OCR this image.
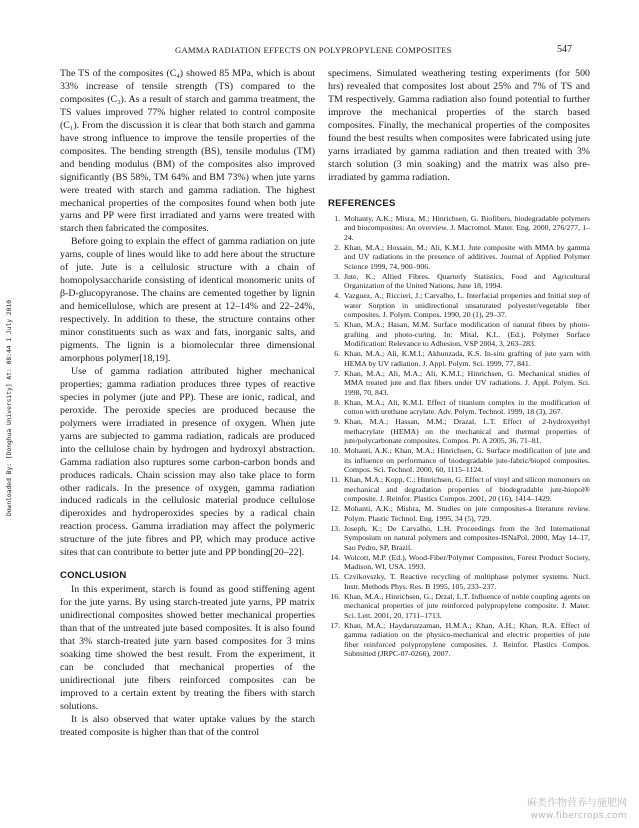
GAMMA RADIATION EFFECTS ON POLYPROPYLENE COMPOSITES	547
Downloaded By: [Donghua University] At: 08:44 1 July 2010

The TS of the composites (C₄) showed 85 MPa, which is about 33% increase of tensile strength (TS) compared to the composites (C₃). As a result of starch and gamma treatment, the TS values improved 77% higher related to control composite (C₁). From the discussion it is clear that both starch and gamma have strong influence to improve the tensile properties of the composites. The bending strength (BS), tensile modulus (TM) and bending modulus (BM) of the composites also improved significantly (BS 58%, TM 64% and BM 73%) when jute yarns were treated with starch and gamma radiation. The highest mechanical properties of the composites found when both jute yarns and PP were first irradiated and yarns were treated with starch then fabricated the composites.

Before going to explain the effect of gamma radiation on jute yarns, couple of lines would like to add here about the structure of jute. Jute is a cellulosic structure with a chain of homopolysaccharide consisting of identical monomeric units of β-D-glucopyranose. The chains are cemented together by lignin and hemicellulose, which are present at 12–14% and 22–24%, respectively. In addition to these, the structure contains other minor constituents such as wax and fats, inorganic salts, and pigments. The lignin is a biomolecular three dimensional amorphous polymer[18,19].

Use of gamma radiation attributed higher mechanical properties; gamma radiation produces three types of reactive species in polymer (jute and PP). These are ionic, radical, and peroxide. The peroxide species are produced because the polymers were irradiated in presence of oxygen. When jute yarns are subjected to gamma radiation, radicals are produced into the cellulose chain by hydrogen and hydroxyl abstraction. Gamma radiation also ruptures some carbon-carbon bonds and produces radicals. Chain scission may also take place to form other radicals. In the presence of oxygen, gamma radiation induced radicals in the cellulosic material produce cellulose diperoxides and hydroperoxides species by a radical chain reaction process. Gamma irradiation may affect the polymeric structure of the jute fibres and PP, which may produce active sites that can contribute to better jute and PP bonding[20–22].

CONCLUSION

In this experiment, starch is found as good stiffening agent for the jute yarns. By using starch-treated jute yarns, PP matrix unidirectional composites showed better mechanical properties than that of the untreated jute based composites. It is also found that 3% starch-treated jute yarn based composites for 3 mins soaking time showed the best result. From the experiment, it can be concluded that mechanical properties of the unidirectional jute fibers reinforced composites can be improved to a certain extent by treating the fibers with starch solutions.

It is also observed that water uptake values by the starch treated composite is higher than that of the control

specimens. Simulated weathering testing experiments (for 500 hrs) revealed that composites lost about 25% and 7% of TS and TM respectively. Gamma radiation also found potential to further improve the mechanical properties of the starch based composites. Finally, the mechanical properties of the composites found the best results when composites were fabricated using jute yarns irradiated by gamma radiation and then treated with 3% starch solution (3 min soaking) and the matrix was also pre-irradiated by gamma radiation.

REFERENCES
1. Mohanty, A.K.; Misra, M.; Hinrichsen, G. Biofibers, biodegradable polymers and biocomposites: An overview. J. Macromol. Mater. Eng. 2000, 276/277, 1–24.
2. Khan, M.A.; Hossain, M.; Ali, K.M.I. Jute composite with MMA by gamma and UV radiations in the presence of additives. Journal of Applied Polymer Science 1999, 74, 900–906.
3. Jute, K.; Allied Fibres. Quarterly Statistics, Food and Agricultural Organization of the United Nations, June 18, 1994.
4. Vazguez, A.; Riccieri, J.; Carvalho, L. Interfacial properties and Initial step of water Sorption in unidirectional unsaturated polyester/vegetable fiber composites. J. Polym. Compos. 1990, 20 (1), 29–37.
5. Khan, M.A.; Hasan, M.M. Surface modification of natural fibers by photo-grafting and photo-curing. In: Mital, K.L. (Ed.), Polymer Surface Modification: Relevance to Adhesion, VSP 2004, 3, 263–283.
6. Khan, M.A.; Ali, K.M.I.; Akhunzada, K.S. In-situ grafting of jute yarn with HEMA by UV radiation. J. Appl. Polym. Sci. 1999, 77, 841.
7. Khan, M.A.; Ali, M.A.; Ali, K.M.I.; Hinrichsen, G. Mechanical studies of MMA treated jute and flax fibers under UV radiations. J. Appl. Polym. Sci. 1998, 70, 843.
8. Khan, M.A.; Ali, K.M.I. Effect of titanium complex in the modification of cotton with urethane acrylate. Adv. Polym. Technol. 1999, 18 (3), 267.
9. Khan, M.A.; Hassan, M.M.; Drazal, L.T. Effect of 2-hydroxyethyl methacrylate (HEMA) on the mechanical and thermal properties of jute/polycarbonate composites. Compos. Pt. A 2005, 36, 71–81.
10. Mohanti, A.K.; Khan, M.A.; Hinrichsen, G. Surface modification of jute and its influence on performance of biodegradable jute-fabric/biopol composites. Compos. Sci. Technol. 2000, 60, 1115–1124.
11. Khan, M.A.; Kopp, C.; Hinrichsen, G. Effect of vinyl and silicon monomers on mechanical and degradation properties of biodegradable jute-biopol® composite. J. Reinfor. Plastics Compos. 2001, 20 (16), 1414–1429.
12. Mohanti, A.K.; Mishra, M. Studies on jute composites-a literature review. Polym. Plastic Technol. Eng. 1995, 34 (5), 729.
13. Joseph, K.; De Carvalho, L.H. Proceedings from the 3rd International Symposium on natural polymers and composites-ISNaPol, 2000, May 14–17, Sao Pedro, SP, Brazil.
14. Wolcott, M.P. (Ed.), Wood-Fiber/Polymer Composites, Forest Product Society, Madison, WI, USA. 1993.
15. Czvikovszky, T. Reactive recycling of multiphase polymer systems. Nucl. Instr. Methods Phys. Res. B 1995, 105, 233–237.
16. Khan, M.A.; Hinrichsen, G.; Drzal, L.T. Influence of noble coupling agents on mechanical properties of jute reinforced polypropylene composite. J. Mater. Sci. Lett. 2001, 20, 1711–1713.
17. Khan, M.A.; Haydaruzzaman, H.M.A.; Khan, A.H.; Khan, R.A. Effect of gamma radiation on the physico-mechanical and electric properties of jute fiber reinforced polypropylene composites. J. Reinfor. Plastics Compos. Submitted (JRPC-07-0266), 2007.
麻类作物营养与施肥网
www.fibercrops.com
